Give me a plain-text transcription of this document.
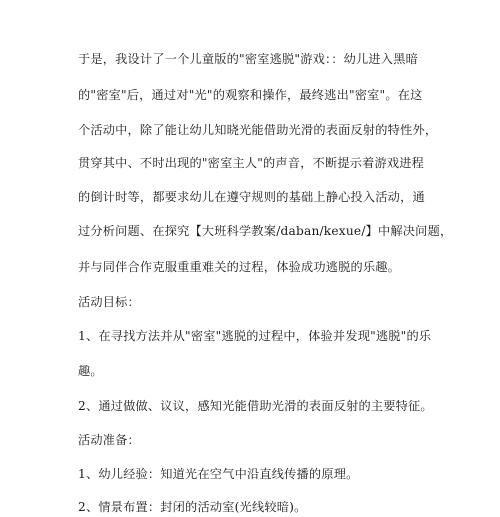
于是，我设计了一个儿童版的"密室逃脱"游戏：：幼儿进入黑暗
的"密室"后，通过对"光"的观察和操作，最终逃出"密室"。在这
个活动中，除了能让幼儿知晓光能借助光滑的表面反射的特性外，
贯穿其中、不时出现的"密室主人"的声音，不断提示着游戏进程
的倒计时等，都要求幼儿在遵守规则的基础上静心投入活动，通
过分析问题、在探究【大班科学教案/daban/kexue/】中解决问题，
并与同伴合作克服重重难关的过程，体验成功逃脱的乐趣。
活动目标：
1、在寻找方法并从"密室"逃脱的过程中，体验并发现"逃脱"的乐
趣。
2、通过做做、议议，感知光能借助光滑的表面反射的主要特征。
活动准备：
1、幼儿经验：知道光在空气中沿直线传播的原理。
2、情景布置：封闭的活动室(光线较暗)。
